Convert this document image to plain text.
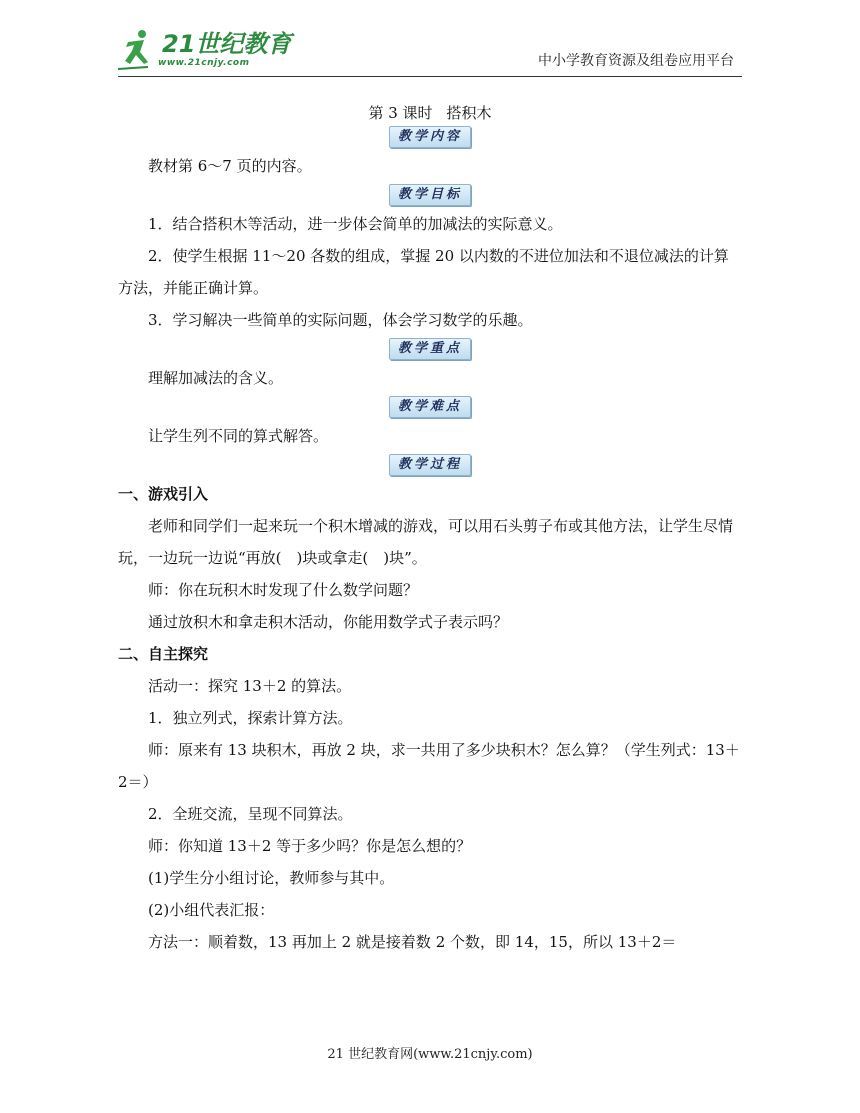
21世纪教育
www.21cnjy.com	中小学教育资源及组卷应用平台
第 3 课时 搭积木
教学内容

教材第 6～7 页的内容。

教学目标

1．结合搭积木等活动，进一步体会简单的加减法的实际意义。

2．使学生根据 11～20 各数的组成，掌握 20 以内数的不进位加法和不退位减法的计算方法，并能正确计算。

3．学习解决一些简单的实际问题，体会学习数学的乐趣。

教学重点

理解加减法的含义。

教学难点

让学生列不同的算式解答。

教学过程

一、游戏引入

老师和同学们一起来玩一个积木增减的游戏，可以用石头剪子布或其他方法，让学生尽情玩，一边玩一边说“再放(　)块或拿走(　)块”。

师：你在玩积木时发现了什么数学问题？

通过放积木和拿走积木活动，你能用数学式子表示吗？

二、自主探究

活动一：探究 13＋2 的算法。

1．独立列式，探索计算方法。

师：原来有 13 块积木，再放 2 块，求一共用了多少块积木？怎么算？（学生列式：13＋2＝）

2．全班交流，呈现不同算法。

师：你知道 13＋2 等于多少吗？你是怎么想的？

(1)学生分小组讨论，教师参与其中。

(2)小组代表汇报：

方法一：顺着数，13 再加上 2 就是接着数 2 个数，即 14，15，所以 13＋2＝

21 世纪教育网(www.21cnjy.com)
